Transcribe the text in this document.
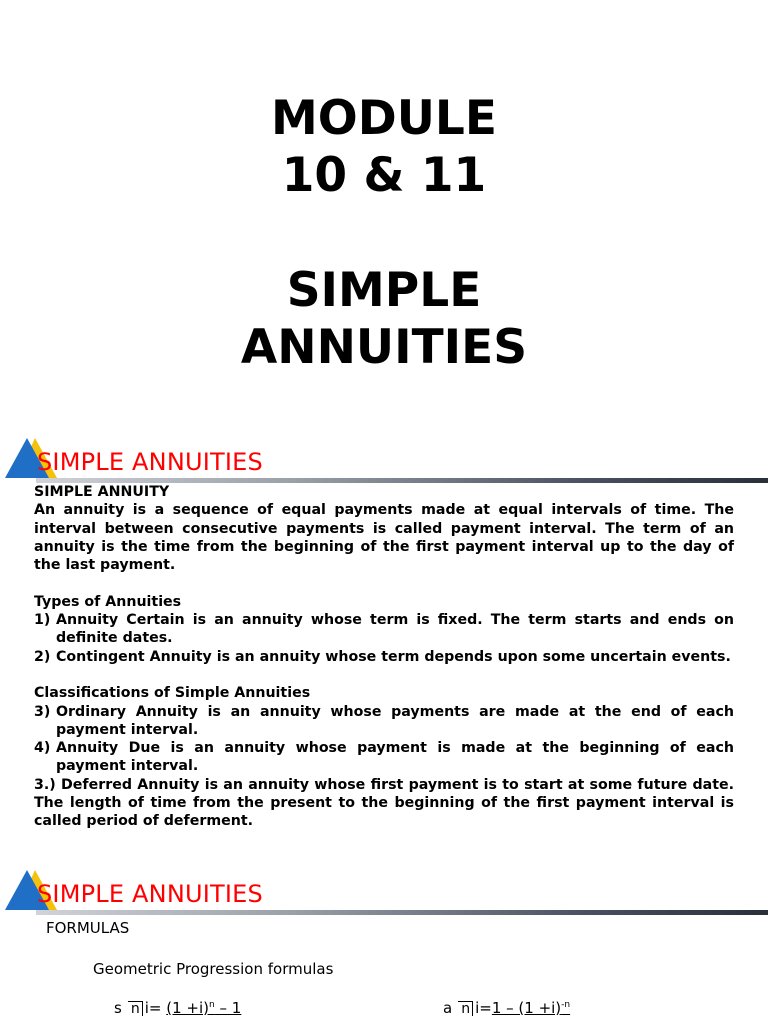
MODULE
10 & 11
SIMPLE
ANNUITIES
SIMPLE ANNUITIES

SIMPLE ANNUITY

An annuity is a sequence of equal payments made at equal intervals of time. The interval between consecutive payments is called payment interval. The term of an annuity is the time from the beginning of the first payment interval up to the day of the last payment.

Types of Annuities

1) Annuity Certain is an annuity whose term is fixed. The term starts and ends on definite dates.
2) Contingent Annuity is an annuity whose term depends upon some uncertain events.

Classifications of Simple Annuities

3) Ordinary Annuity is an annuity whose payments are made at the end of each payment interval.
4) Annuity Due is an annuity whose payment is made at the beginning of each payment interval.

3.) Deferred Annuity is an annuity whose first payment is to start at some future date. The length of time from the present to the beginning of the first payment interval is called period of deferment.

SIMPLE ANNUITIES
FORMULAS
Geometric Progression formulas
s n $i= (1 +i)^n - 1$	a n $i=1 - (1 +i)^{-n}$
